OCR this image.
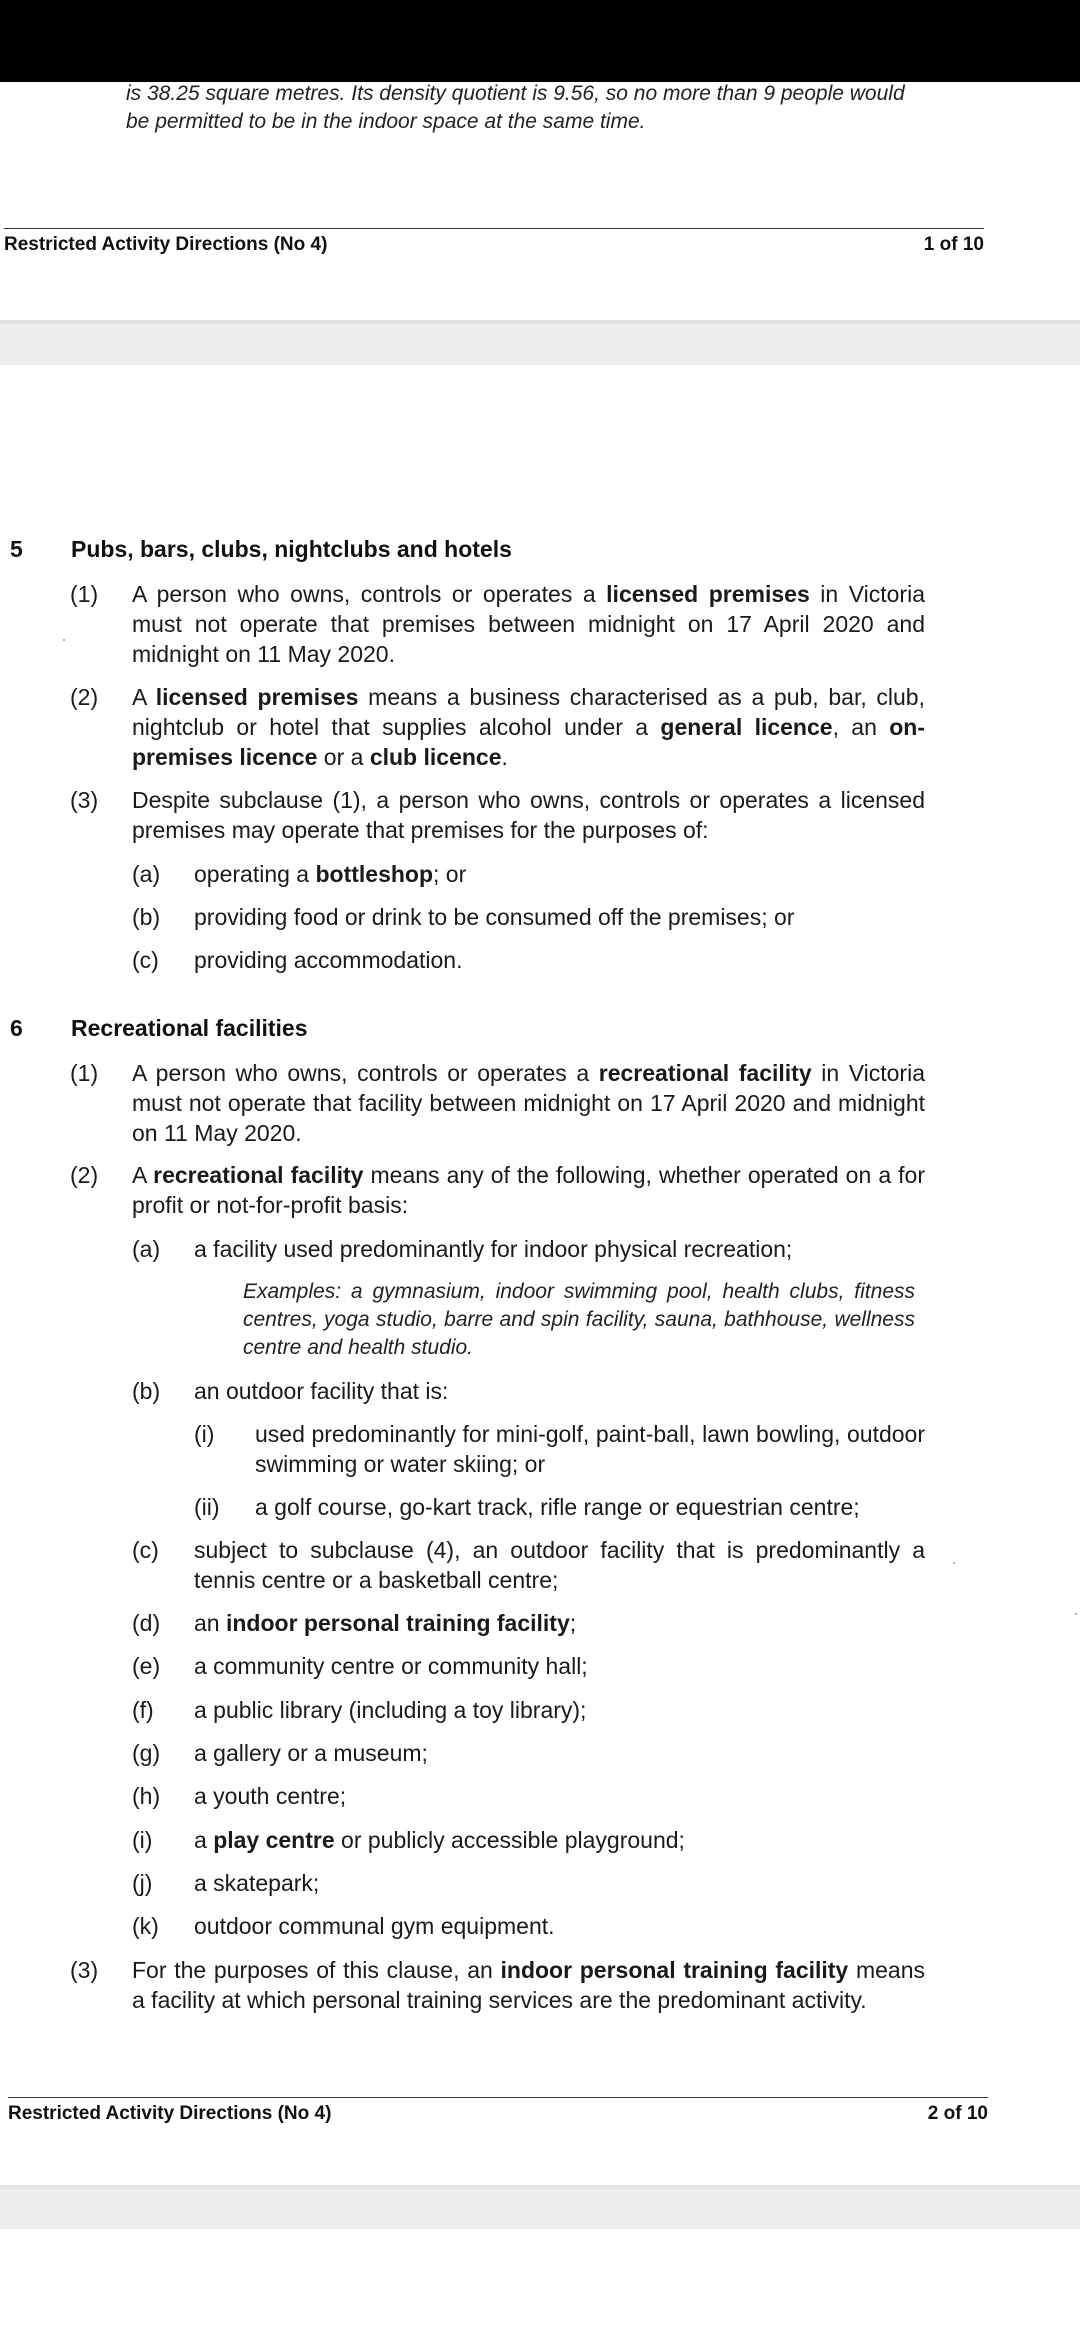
is 38.25 square metres. Its density quotient is 9.56, so no more than 9 people would
be permitted to be in the indoor space at the same time.
Restricted Activity Directions (No 4)	1 of 10
5 Pubs, bars, clubs, nightclubs and hotels
(1) A person who owns, controls or operates a licensed premises in Victoria must not operate that premises between midnight on 17 April 2020 and midnight on 11 May 2020.
(2) A licensed premises means a business characterised as a pub, bar, club, nightclub or hotel that supplies alcohol under a general licence, an on-premises licence or a club licence.
(3) Despite subclause (1), a person who owns, controls or operates a licensed premises may operate that premises for the purposes of:
(a) operating a bottleshop; or
(b) providing food or drink to be consumed off the premises; or
(c) providing accommodation.
6 Recreational facilities
(1) A person who owns, controls or operates a recreational facility in Victoria must not operate that facility between midnight on 17 April 2020 and midnight on 11 May 2020.
(2) A recreational facility means any of the following, whether operated on a for profit or not-for-profit basis:
(a) a facility used predominantly for indoor physical recreation;
Examples: a gymnasium, indoor swimming pool, health clubs, fitness centres, yoga studio, barre and spin facility, sauna, bathhouse, wellness centre and health studio.
(b) an outdoor facility that is:
(i) used predominantly for mini-golf, paint-ball, lawn bowling, outdoor swimming or water skiing; or
(ii) a golf course, go-kart track, rifle range or equestrian centre;
(c) subject to subclause (4), an outdoor facility that is predominantly a tennis centre or a basketball centre;
(d) an indoor personal training facility;
(e) a community centre or community hall;
(f) a public library (including a toy library);
(g) a gallery or a museum;
(h) a youth centre;
(i) a play centre or publicly accessible playground;
(j) a skatepark;
(k) outdoor communal gym equipment.
(3) For the purposes of this clause, an indoor personal training facility means a facility at which personal training services are the predominant activity.
Restricted Activity Directions (No 4)	2 of 10
